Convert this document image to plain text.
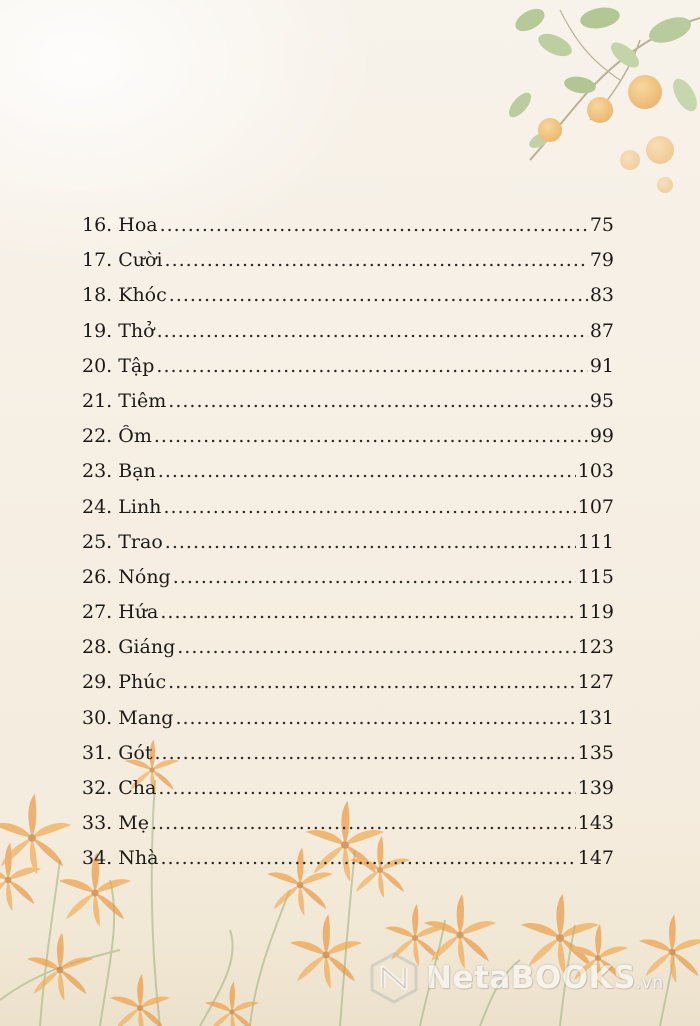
16. Hoa .....	75
17. Cười .....	79
18. Khóc .....	83
19. Thở .....	87
20. Tập .....	91
21. Tiêm .....	95
22. Ôm .....	99
23. Bạn .....	103
24. Linh .....	107
25. Trao .....	111
26. Nóng .....	115
27. Hứa .....	119
28. Giáng .....	123
29. Phúc .....	127
30. Mang .....	131
31. Gót .....	135
32. Cha .....	139
33. Mẹ .....	143
34. Nhà .....	147
NetaBOOKS.vn
